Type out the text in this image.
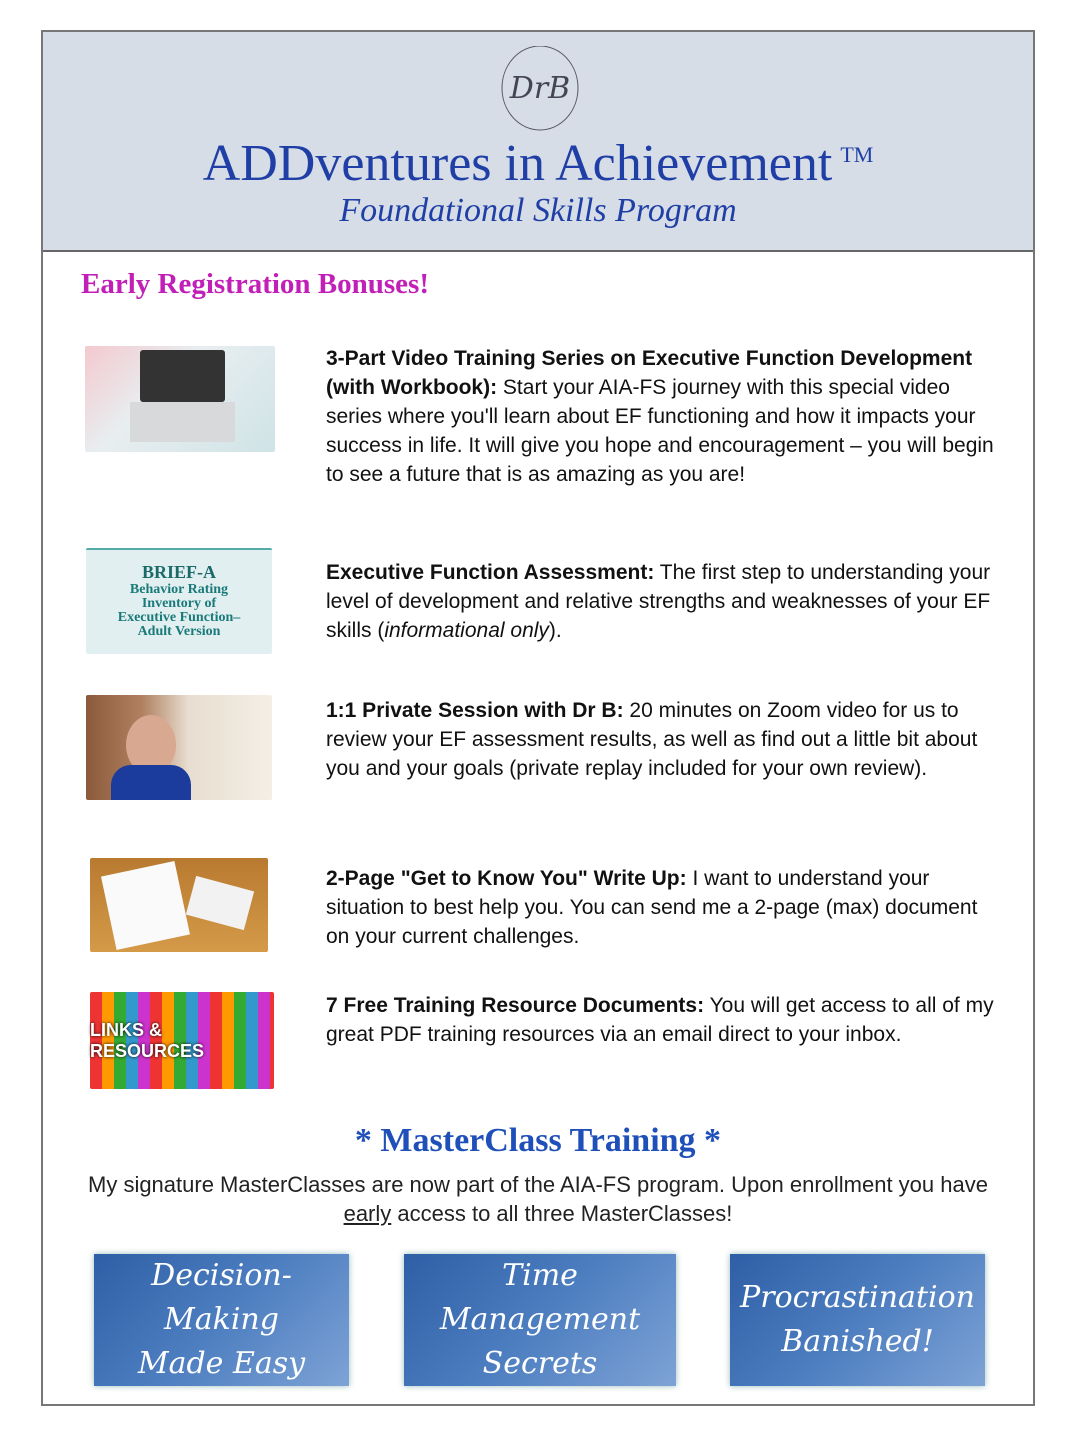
DrB
ADDventures in Achievement ™
Foundational Skills Program
Early Registration Bonuses!
3-Part Video Training Series on Executive Function Development (with Workbook): Start your AIA-FS journey with this special video series where you'll learn about EF functioning and how it impacts your success in life. It will give you hope and encouragement – you will begin to see a future that is as amazing as you are!
BRIEF-A
Behavior Rating
Inventory of
Executive Function–
Adult Version
Executive Function Assessment: The first step to understanding your level of development and relative strengths and weaknesses of your EF skills (informational only).
1:1 Private Session with Dr B: 20 minutes on Zoom video for us to review your EF assessment results, as well as find out a little bit about you and your goals (private replay included for your own review).
2-Page "Get to Know You" Write Up: I want to understand your situation to best help you. You can send me a 2-page (max) document on your current challenges.
LINKS & RESOURCES
7 Free Training Resource Documents: You will get access to all of my great PDF training resources via an email direct to your inbox.
* MasterClass Training *
My signature MasterClasses are now part of the AIA-FS program. Upon enrollment you have early access to all three MasterClasses!
Decision-Making
Made Easy
Time Management
Secrets
Procrastination
Banished!
